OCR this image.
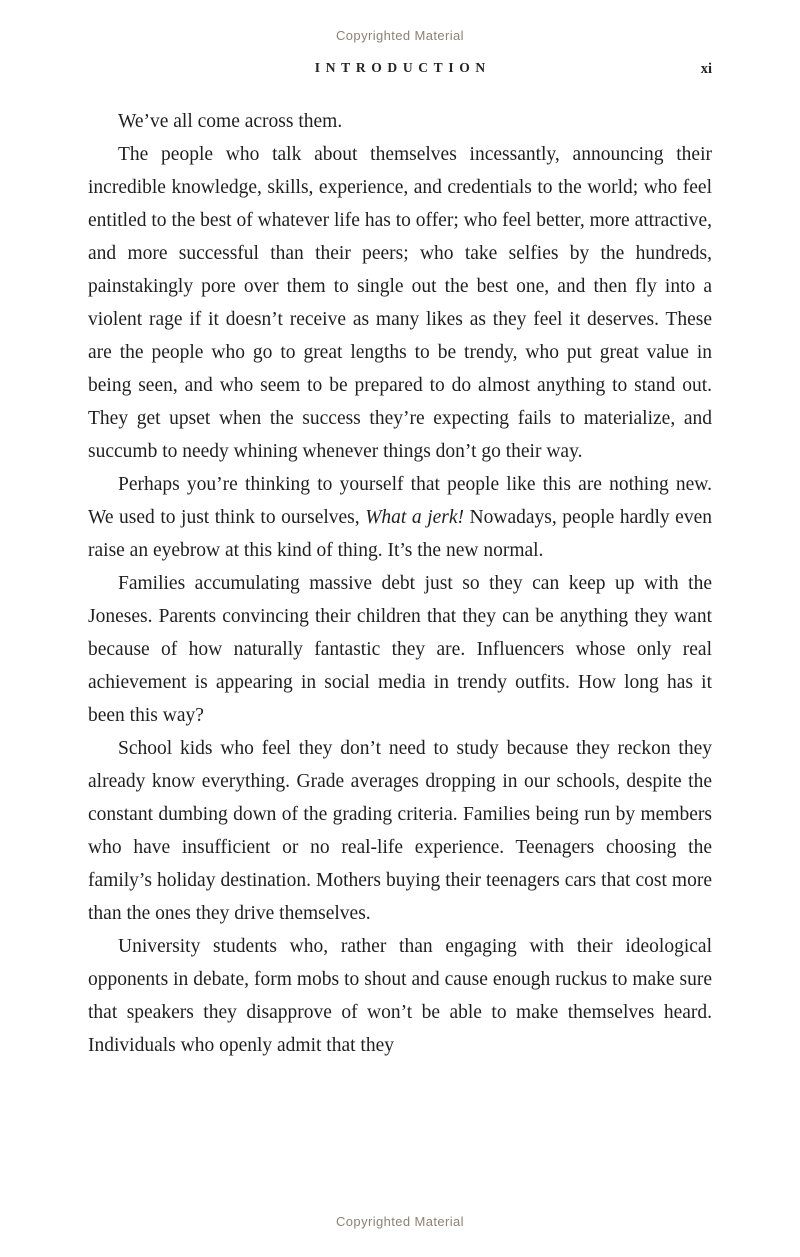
Copyrighted Material
INTRODUCTION	xi

We’ve all come across them.

The people who talk about themselves incessantly, announcing their incredible knowledge, skills, experience, and credentials to the world; who feel entitled to the best of whatever life has to offer; who feel better, more attractive, and more successful than their peers; who take selfies by the hundreds, painstakingly pore over them to single out the best one, and then fly into a violent rage if it doesn’t receive as many likes as they feel it deserves. These are the people who go to great lengths to be trendy, who put great value in being seen, and who seem to be prepared to do almost anything to stand out. They get upset when the success they’re expecting fails to materialize, and succumb to needy whining whenever things don’t go their way.

Perhaps you’re thinking to yourself that people like this are nothing new. We used to just think to ourselves, What a jerk! Nowadays, people hardly even raise an eyebrow at this kind of thing. It’s the new normal.

Families accumulating massive debt just so they can keep up with the Joneses. Parents convincing their children that they can be anything they want because of how naturally fantastic they are. Influencers whose only real achievement is appearing in social media in trendy outfits. How long has it been this way?

School kids who feel they don’t need to study because they reckon they already know everything. Grade averages dropping in our schools, despite the constant dumbing down of the grading criteria. Families being run by members who have insufficient or no real-life experience. Teenagers choosing the family’s holiday destination. Mothers buying their teenagers cars that cost more than the ones they drive themselves.

University students who, rather than engaging with their ideological opponents in debate, form mobs to shout and cause enough ruckus to make sure that speakers they disapprove of won’t be able to make themselves heard. Individuals who openly admit that they

Copyrighted Material
